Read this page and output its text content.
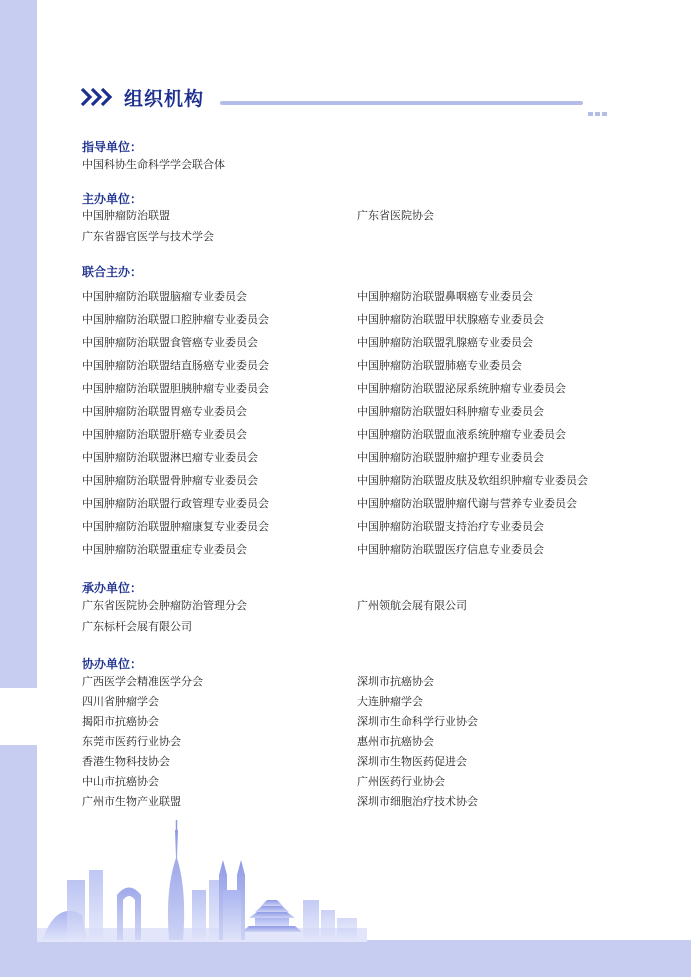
组织机构
指导单位：
中国科协生命科学学会联合体
主办单位：
中国肿瘤防治联盟	广东省医院协会
广东省器官医学与技术学会
联合主办：
中国肿瘤防治联盟脑瘤专业委员会	中国肿瘤防治联盟鼻咽癌专业委员会
中国肿瘤防治联盟口腔肿瘤专业委员会	中国肿瘤防治联盟甲状腺癌专业委员会
中国肿瘤防治联盟食管癌专业委员会	中国肿瘤防治联盟乳腺癌专业委员会
中国肿瘤防治联盟结直肠癌专业委员会	中国肿瘤防治联盟肺癌专业委员会
中国肿瘤防治联盟胆胰肿瘤专业委员会	中国肿瘤防治联盟泌尿系统肿瘤专业委员会
中国肿瘤防治联盟胃癌专业委员会	中国肿瘤防治联盟妇科肿瘤专业委员会
中国肿瘤防治联盟肝癌专业委员会	中国肿瘤防治联盟血液系统肿瘤专业委员会
中国肿瘤防治联盟淋巴瘤专业委员会	中国肿瘤防治联盟肿瘤护理专业委员会
中国肿瘤防治联盟骨肿瘤专业委员会	中国肿瘤防治联盟皮肤及软组织肿瘤专业委员会
中国肿瘤防治联盟行政管理专业委员会	中国肿瘤防治联盟肿瘤代谢与营养专业委员会
中国肿瘤防治联盟肿瘤康复专业委员会	中国肿瘤防治联盟支持治疗专业委员会
中国肿瘤防治联盟重症专业委员会	中国肿瘤防治联盟医疗信息专业委员会
承办单位：
广东省医院协会肿瘤防治管理分会	广州领航会展有限公司
广东标杆会展有限公司
协办单位：
广西医学会精准医学分会	深圳市抗癌协会
四川省肿瘤学会	大连肿瘤学会
揭阳市抗癌协会	深圳市生命科学行业协会
东莞市医药行业协会	惠州市抗癌协会
香港生物科技协会	深圳市生物医药促进会
中山市抗癌协会	广州医药行业协会
广州市生物产业联盟	深圳市细胞治疗技术协会
